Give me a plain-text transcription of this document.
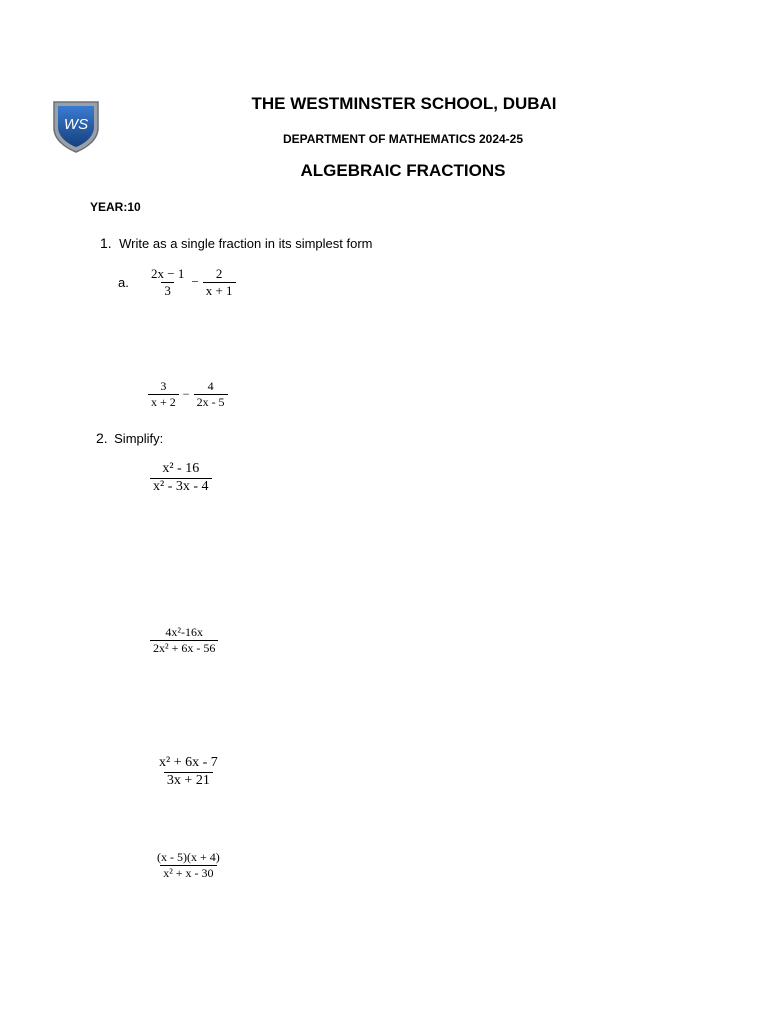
WS
THE WESTMINSTER SCHOOL, DUBAI
DEPARTMENT OF MATHEMATICS 2024-25
ALGEBRAIC FRACTIONS
YEAR:10
1. Write as a single fraction in its simplest form
a. $\frac{2x - 1}{3} - \frac{2}{x + 1}$
$\frac{3}{x + 2} - \frac{4}{2x - 5}$
2. Simplify:
$\frac{\text{x² - 16}}{\text{x² - 3x - 4}}$
$\frac{\text{4x²-16x}}{\text{2x² + 6x - 56}}$
$\frac{\text{x² + 6x - 7}}{3x + 21}$
$\frac{(x - 5)(x + 4)}{\text{x² + x - 30}}$
